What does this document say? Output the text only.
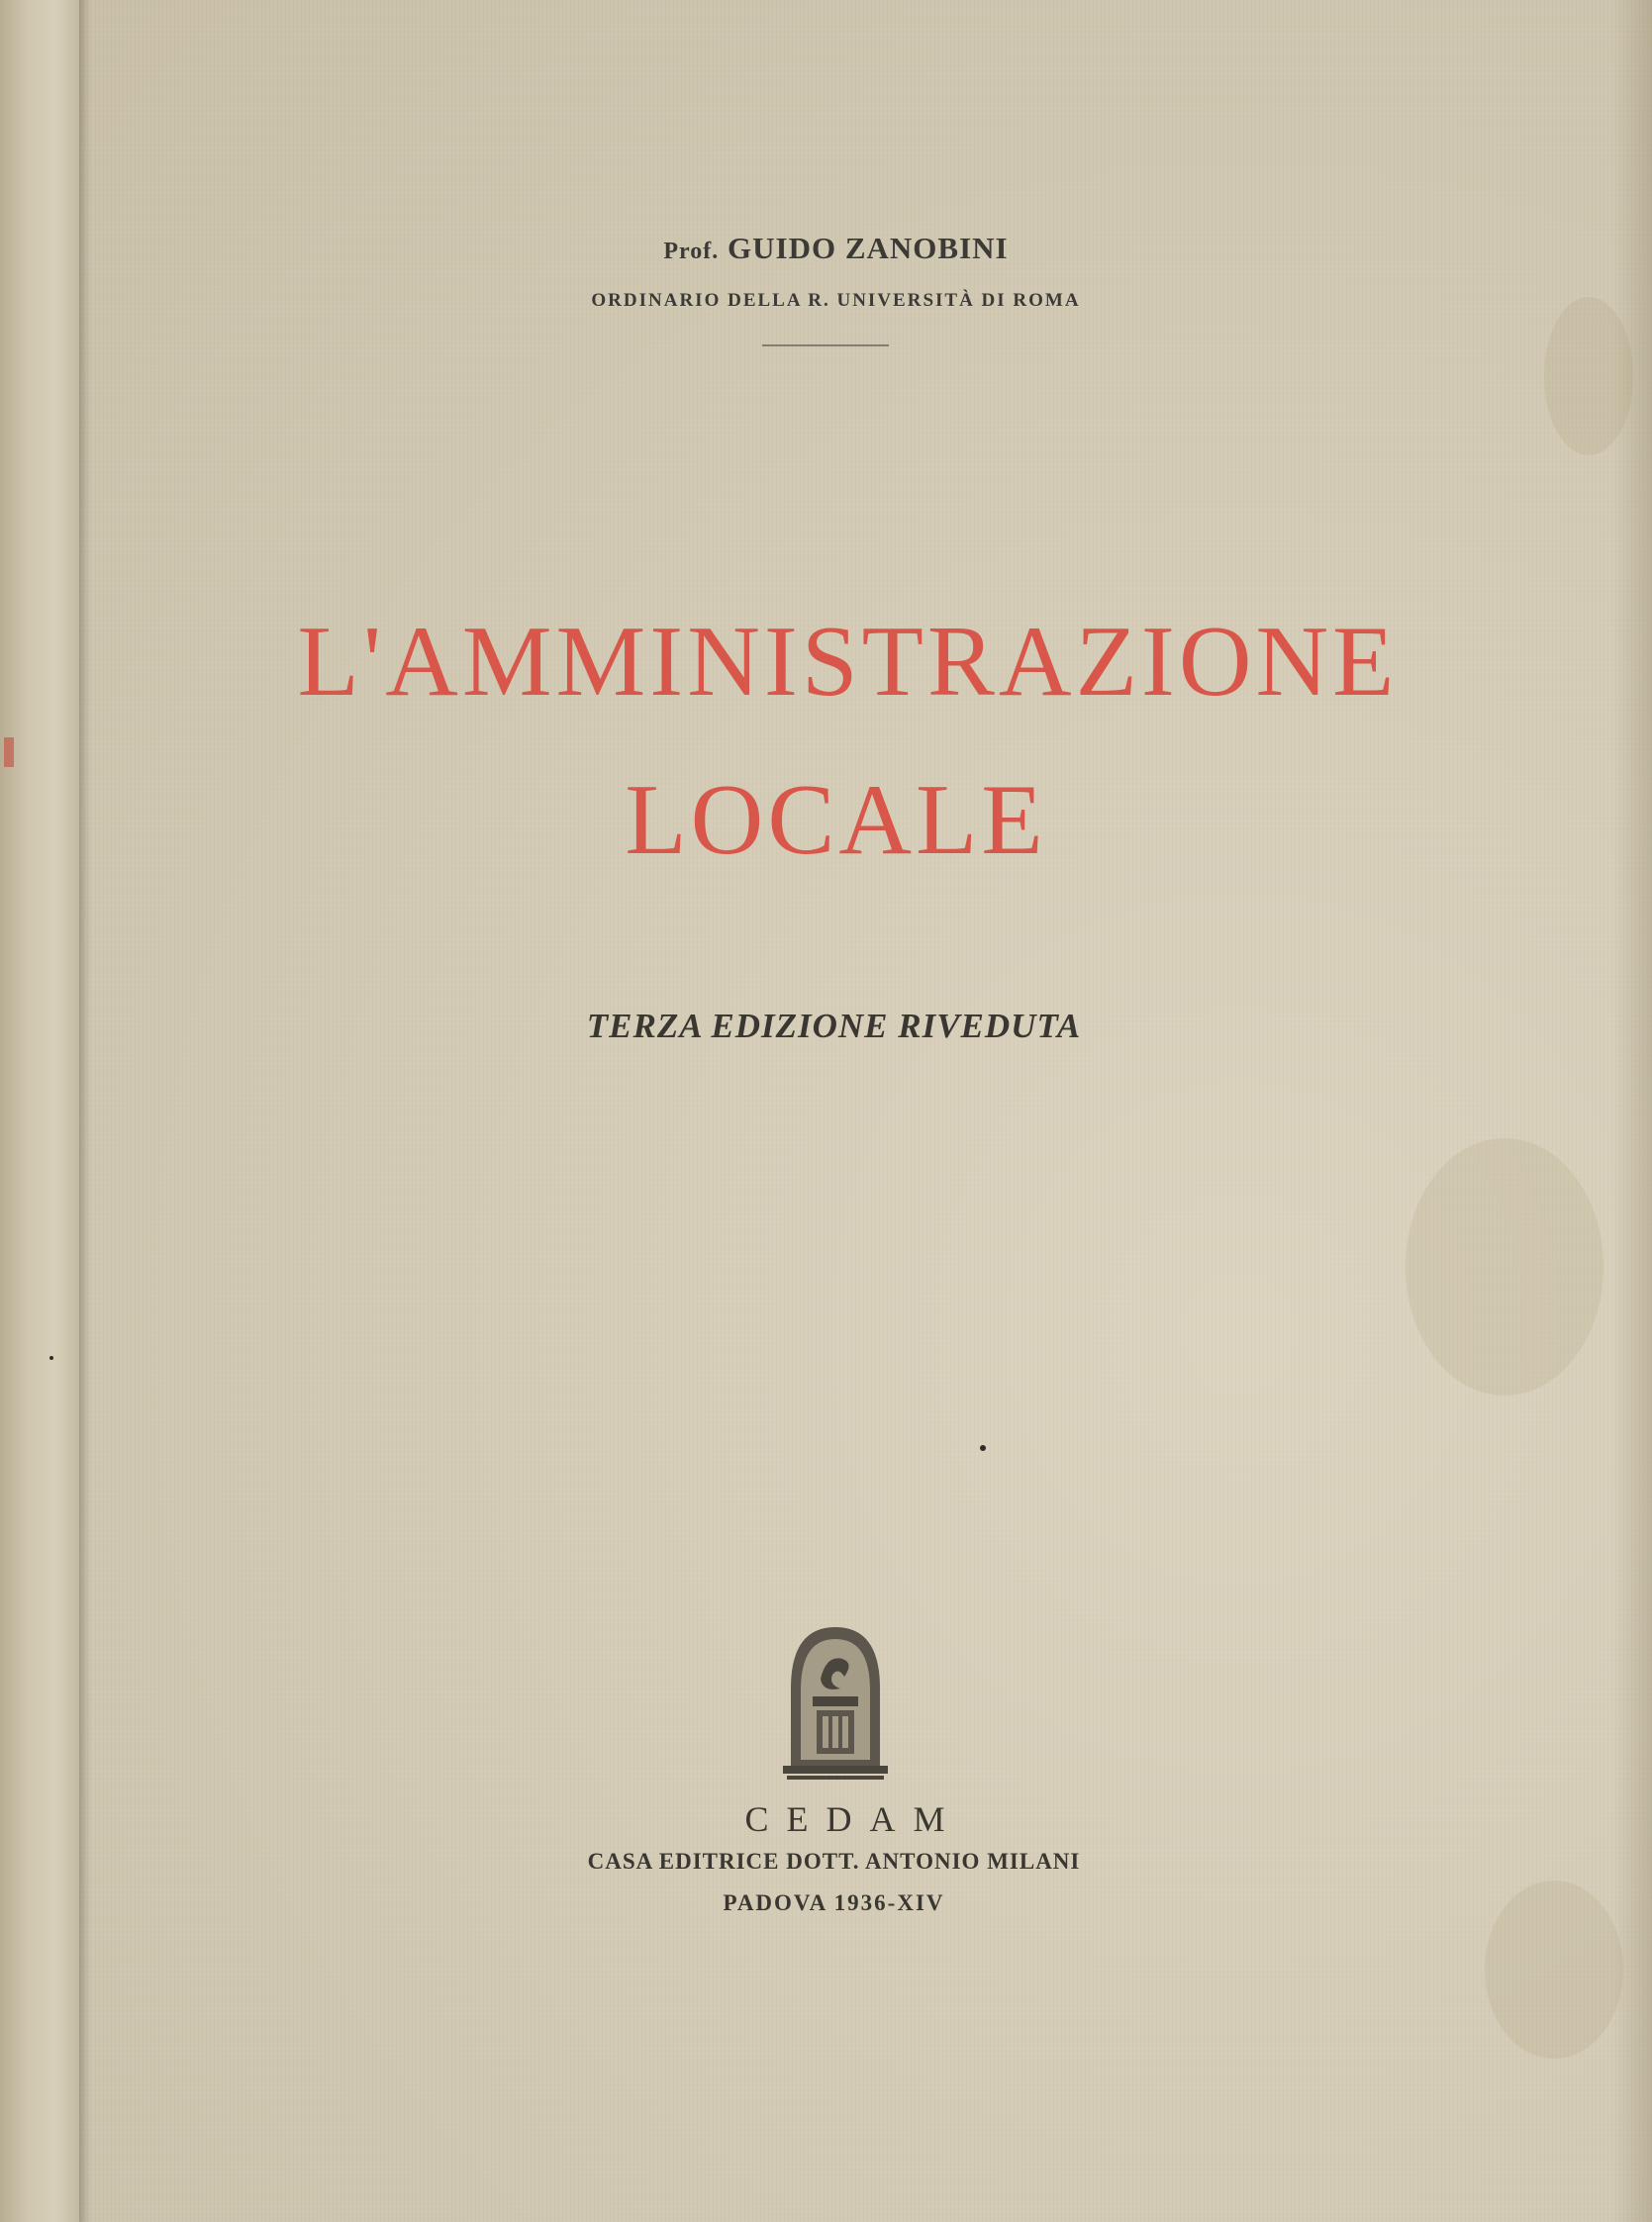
Prof. GUIDO ZANOBINI
ORDINARIO DELLA R. UNIVERSITÀ DI ROMA
L'AMMINISTRAZIONE
LOCALE
TERZA EDIZIONE RIVEDUTA
CEDAM
CASA EDITRICE DOTT. ANTONIO MILANI
PADOVA 1936-XIV
